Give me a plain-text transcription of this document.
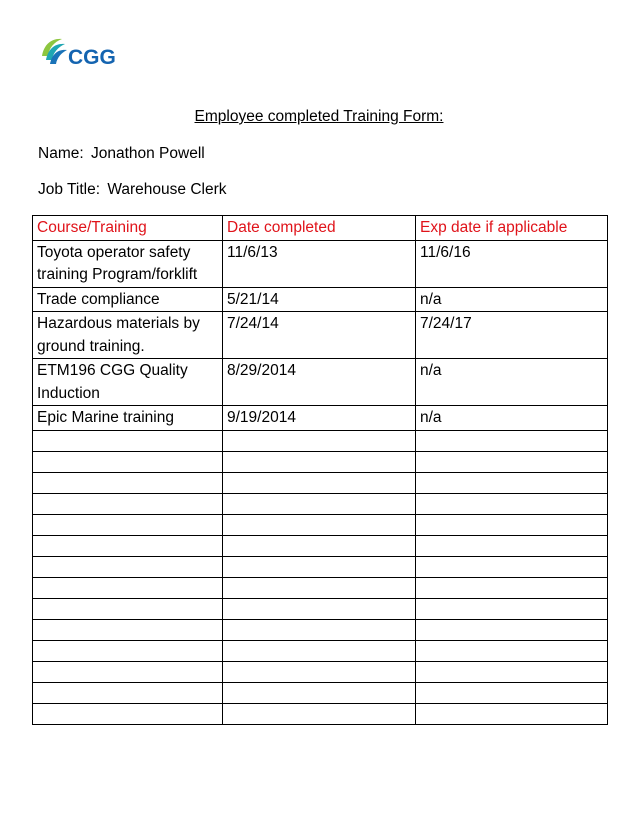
CGG
Employee completed Training Form:
Name: Jonathon Powell
Job Title: Warehouse Clerk
Course/Training	Date completed	Exp date if applicable
Toyota operator safety training Program/forklift	11/6/13	11/6/16
Trade compliance	5/21/14	n/a
Hazardous materials by ground training.	7/24/14	7/24/17
ETM196 CGG Quality Induction	8/29/2014	n/a
Epic Marine training	9/19/2014	n/a
